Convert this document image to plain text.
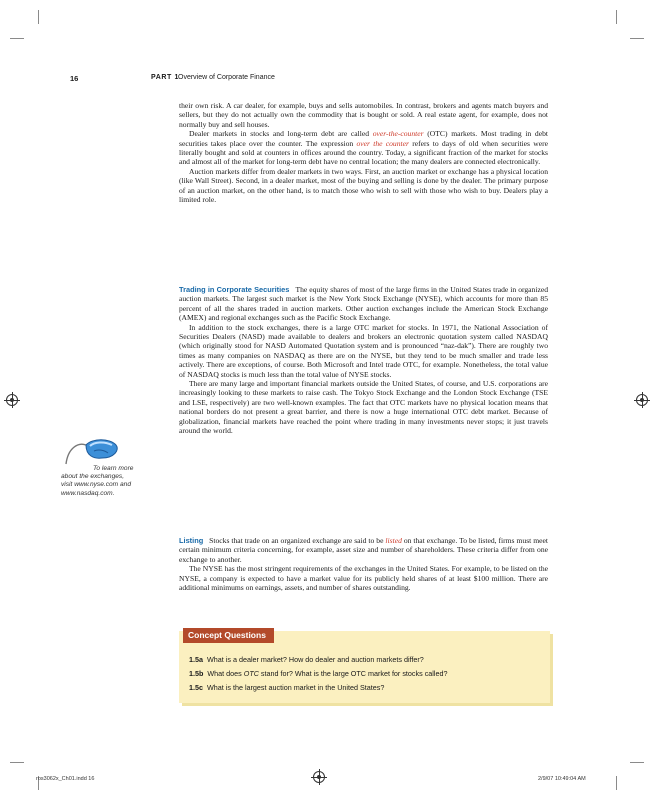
16	PART 1 Overview of Corporate Finance

their own risk. A car dealer, for example, buys and sells automobiles. In contrast, brokers and agents match buyers and sellers, but they do not actually own the commodity that is bought or sold. A real estate agent, for example, does not normally buy and sell houses.

Dealer markets in stocks and long-term debt are called over-the-counter (OTC) markets. Most trading in debt securities takes place over the counter. The expression over the counter refers to days of old when securities were literally bought and sold at counters in offices around the country. Today, a significant fraction of the market for stocks and almost all of the market for long-term debt have no central location; the many dealers are connected electronically.

Auction markets differ from dealer markets in two ways. First, an auction market or exchange has a physical location (like Wall Street). Second, in a dealer market, most of the buying and selling is done by the dealer. The primary purpose of an auction market, on the other hand, is to match those who wish to sell with those who wish to buy. Dealers play a limited role.

Trading in Corporate Securities The equity shares of most of the large firms in the United States trade in organized auction markets. The largest such market is the New York Stock Exchange (NYSE), which accounts for more than 85 percent of all the shares traded in auction markets. Other auction exchanges include the American Stock Exchange (AMEX) and regional exchanges such as the Pacific Stock Exchange.

In addition to the stock exchanges, there is a large OTC market for stocks. In 1971, the National Association of Securities Dealers (NASD) made available to dealers and brokers an electronic quotation system called NASDAQ (which originally stood for NASD Automated Quotation system and is pronounced “naz-dak”). There are roughly two times as many companies on NASDAQ as there are on the NYSE, but they tend to be much smaller and trade less actively. There are exceptions, of course. Both Microsoft and Intel trade OTC, for example. Nonetheless, the total value of NASDAQ stocks is much less than the total value of NYSE stocks.

There are many large and important financial markets outside the United States, of course, and U.S. corporations are increasingly looking to these markets to raise cash. The Tokyo Stock Exchange and the London Stock Exchange (TSE and LSE, respectively) are two well-known examples. The fact that OTC markets have no physical location means that national borders do not present a great barrier, and there is now a huge international OTC debt market. Because of globalization, financial markets have reached the point where trading in many investments never stops; it just travels around the world.

Listing Stocks that trade on an organized exchange are said to be listed on that exchange. To be listed, firms must meet certain minimum criteria concerning, for example, asset size and number of shareholders. These criteria differ from one exchange to another.

The NYSE has the most stringent requirements of the exchanges in the United States. For example, to be listed on the NYSE, a company is expected to have a market value for its publicly held shares of at least $100 million. There are additional minimums on earnings, assets, and number of shares outstanding.

To learn more
about the exchanges,
visit www.nyse.com and
www.nasdaq.com.
Concept Questions
1.5a What is a dealer market? How do dealer and auction markets differ?
1.5b What does OTC stand for? What is the large OTC market for stocks called?
1.5c What is the largest auction market in the United States?
ros3062x_Ch01.indd 16	2/9/07 10:49:04 AM
